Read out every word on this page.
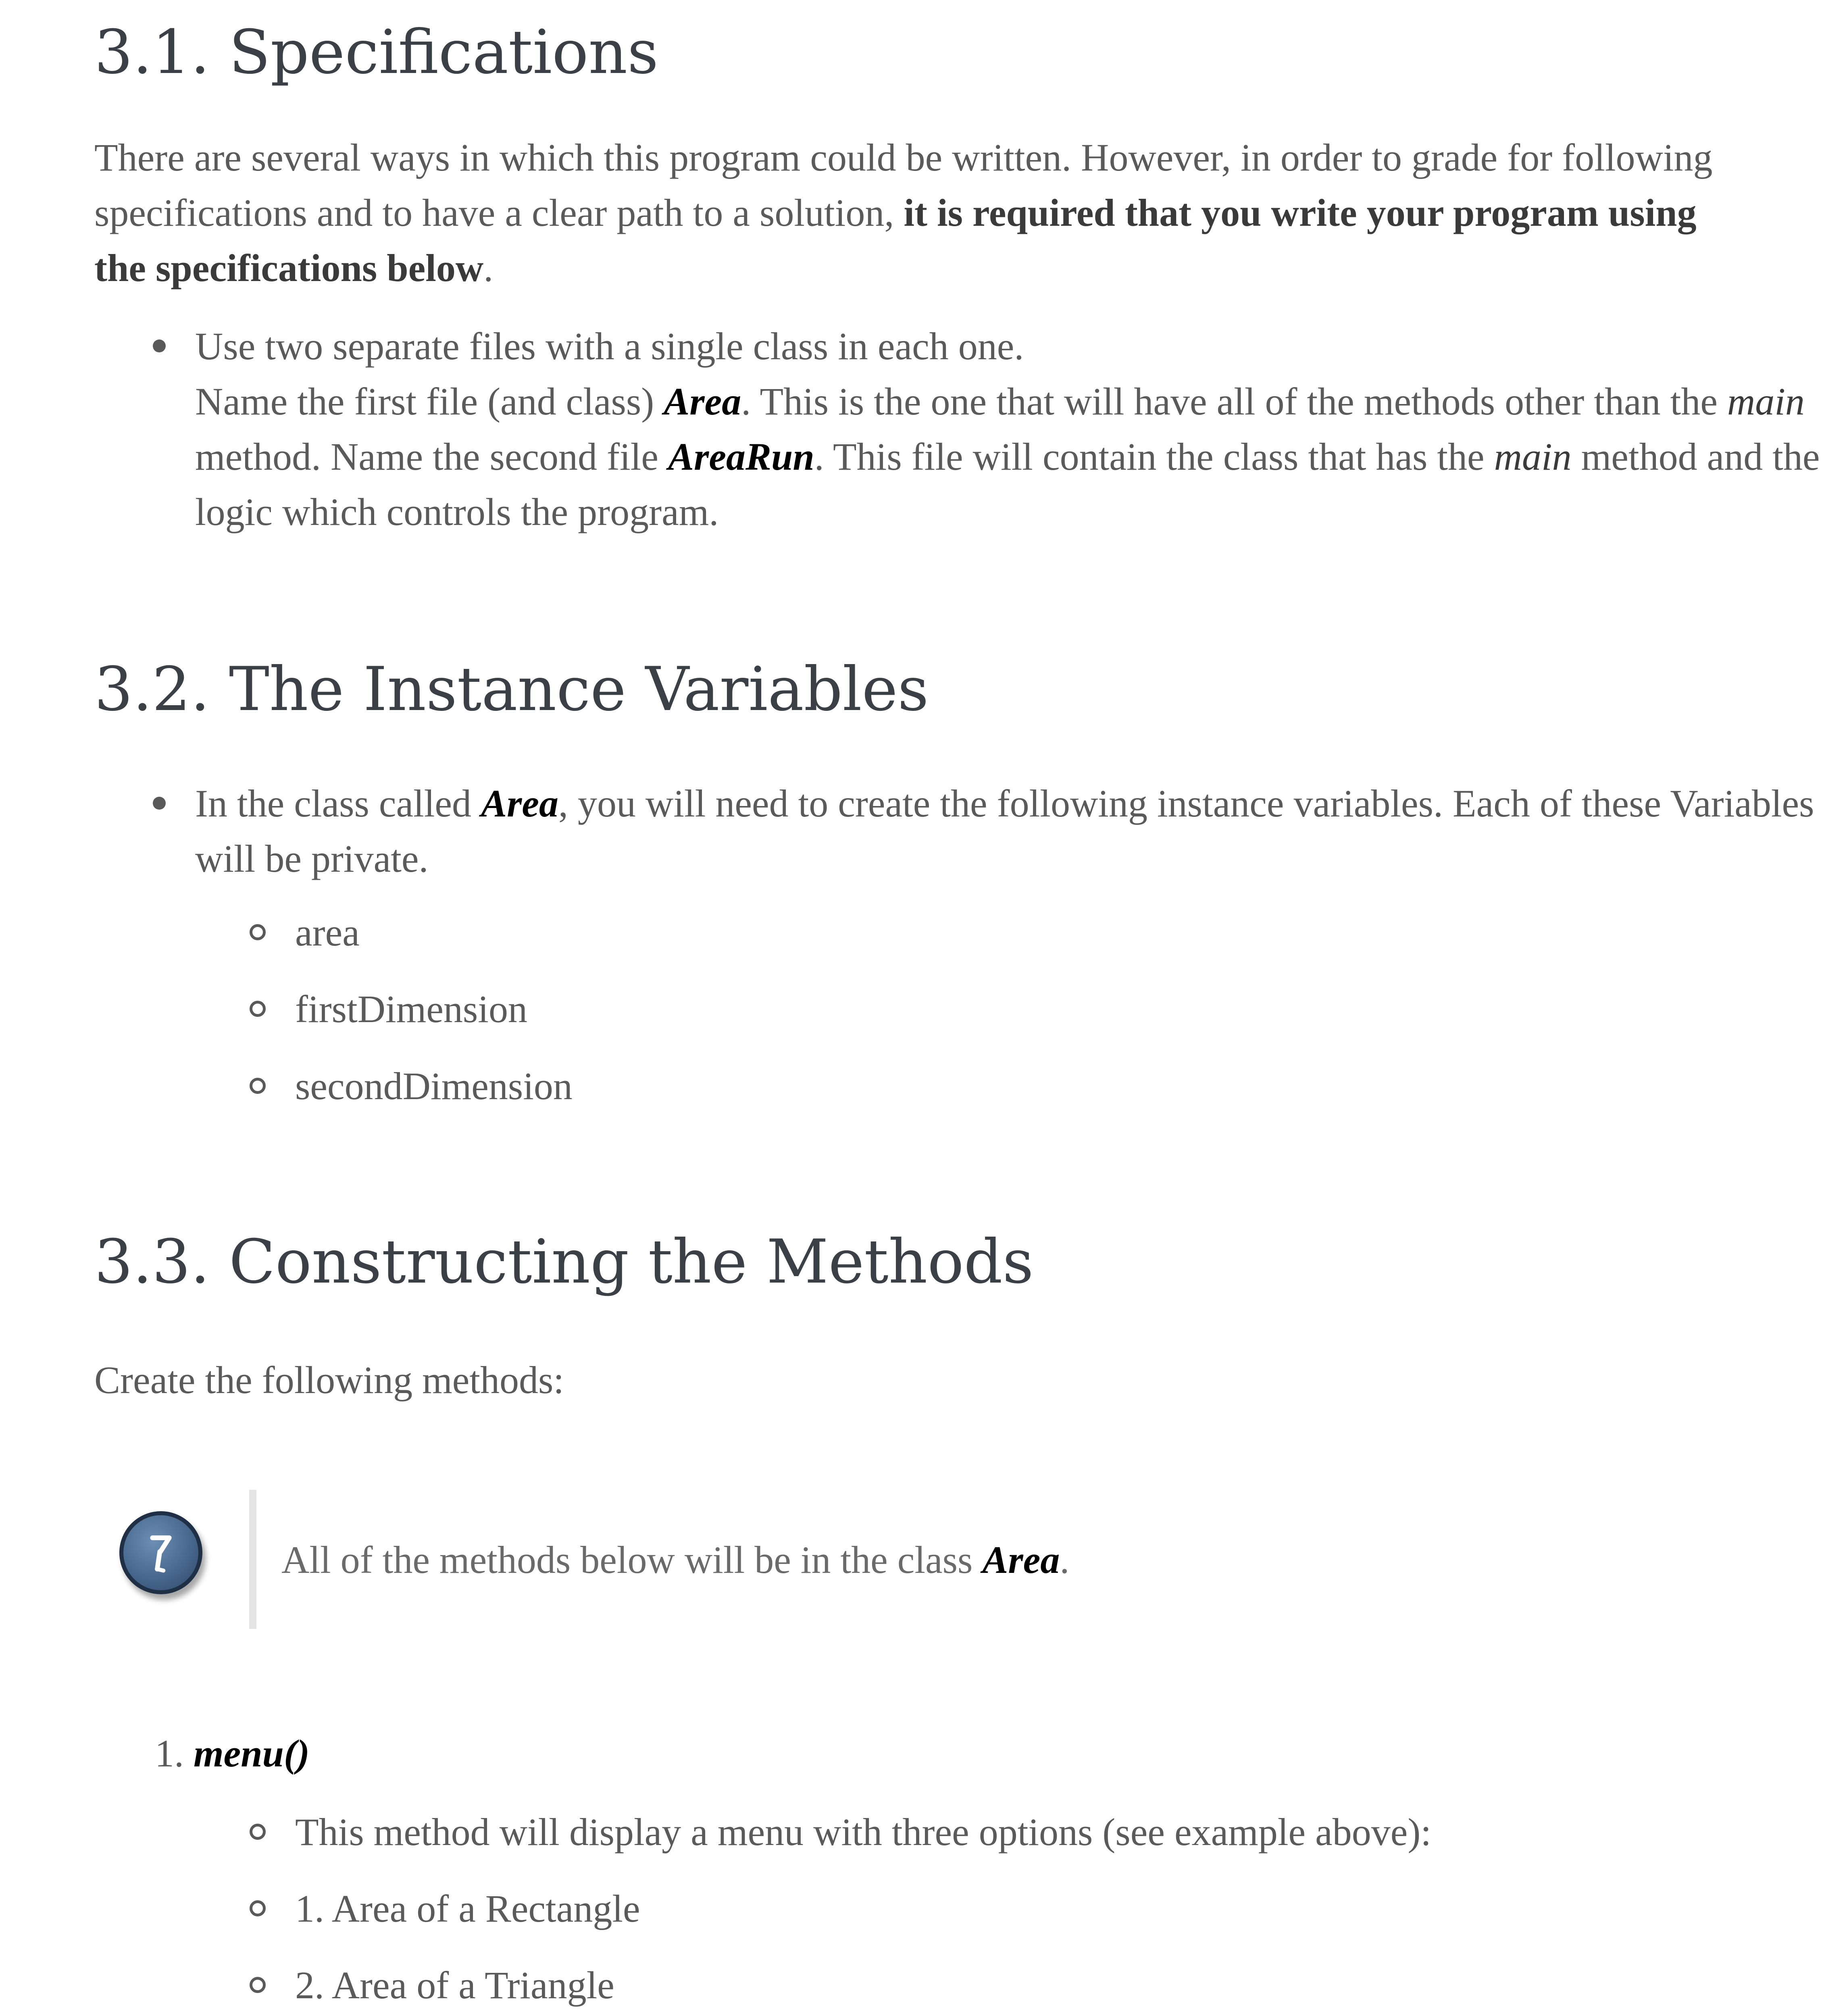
3.1. Specifications
There are several ways in which this program could be written. However, in order to grade for following specifications and to have a clear path to a solution, it is required that you write your program using the specifications below.
Use two separate files with a single class in each one.
Name the first file (and class) Area. This is the one that will have all of the methods other than the main method. Name the second file AreaRun. This file will contain the class that has the main method and the logic which controls the program.
3.2. The Instance Variables
In the class called Area, you will need to create the following instance variables. Each of these Variables will be private.
area
firstDimension
secondDimension
3.3. Constructing the Methods
Create the following methods:
All of the methods below will be in the class Area.
1. menu()
This method will display a menu with three options (see example above):
1. Area of a Rectangle
2. Area of a Triangle
